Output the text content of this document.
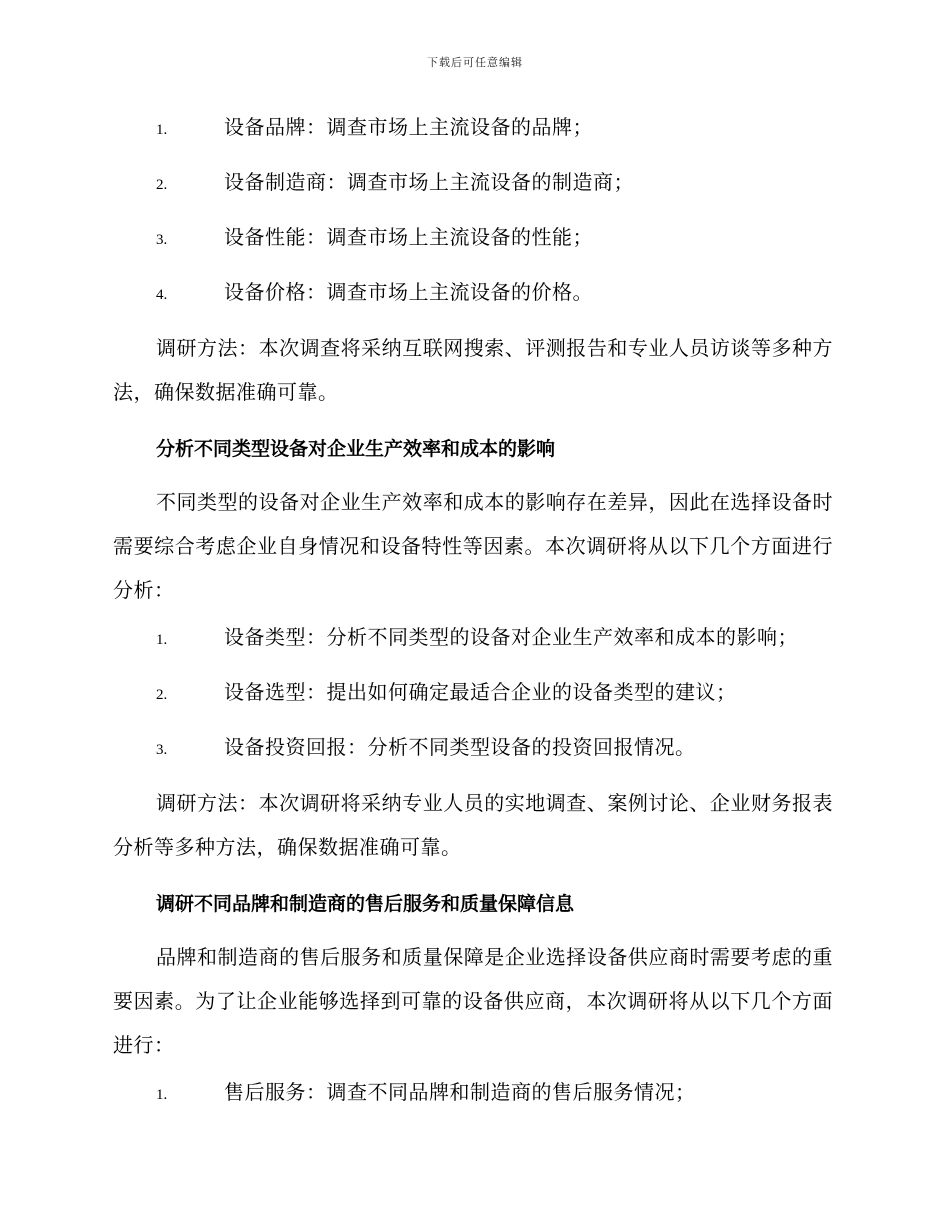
下载后可任意编辑
1.	设备品牌：调查市场上主流设备的品牌；
2.	设备制造商：调查市场上主流设备的制造商；
3.	设备性能：调查市场上主流设备的性能；
4.	设备价格：调查市场上主流设备的价格。

调研方法：本次调查将采纳互联网搜索、评测报告和专业人员访谈等多种方法，确保数据准确可靠。

分析不同类型设备对企业生产效率和成本的影响

不同类型的设备对企业生产效率和成本的影响存在差异，因此在选择设备时需要综合考虑企业自身情况和设备特性等因素。本次调研将从以下几个方面进行分析：

1.	设备类型：分析不同类型的设备对企业生产效率和成本的影响；
2.	设备选型：提出如何确定最适合企业的设备类型的建议；
3.	设备投资回报：分析不同类型设备的投资回报情况。

调研方法：本次调研将采纳专业人员的实地调查、案例讨论、企业财务报表分析等多种方法，确保数据准确可靠。

调研不同品牌和制造商的售后服务和质量保障信息

品牌和制造商的售后服务和质量保障是企业选择设备供应商时需要考虑的重要因素。为了让企业能够选择到可靠的设备供应商，本次调研将从以下几个方面进行：

1.	售后服务：调查不同品牌和制造商的售后服务情况；
